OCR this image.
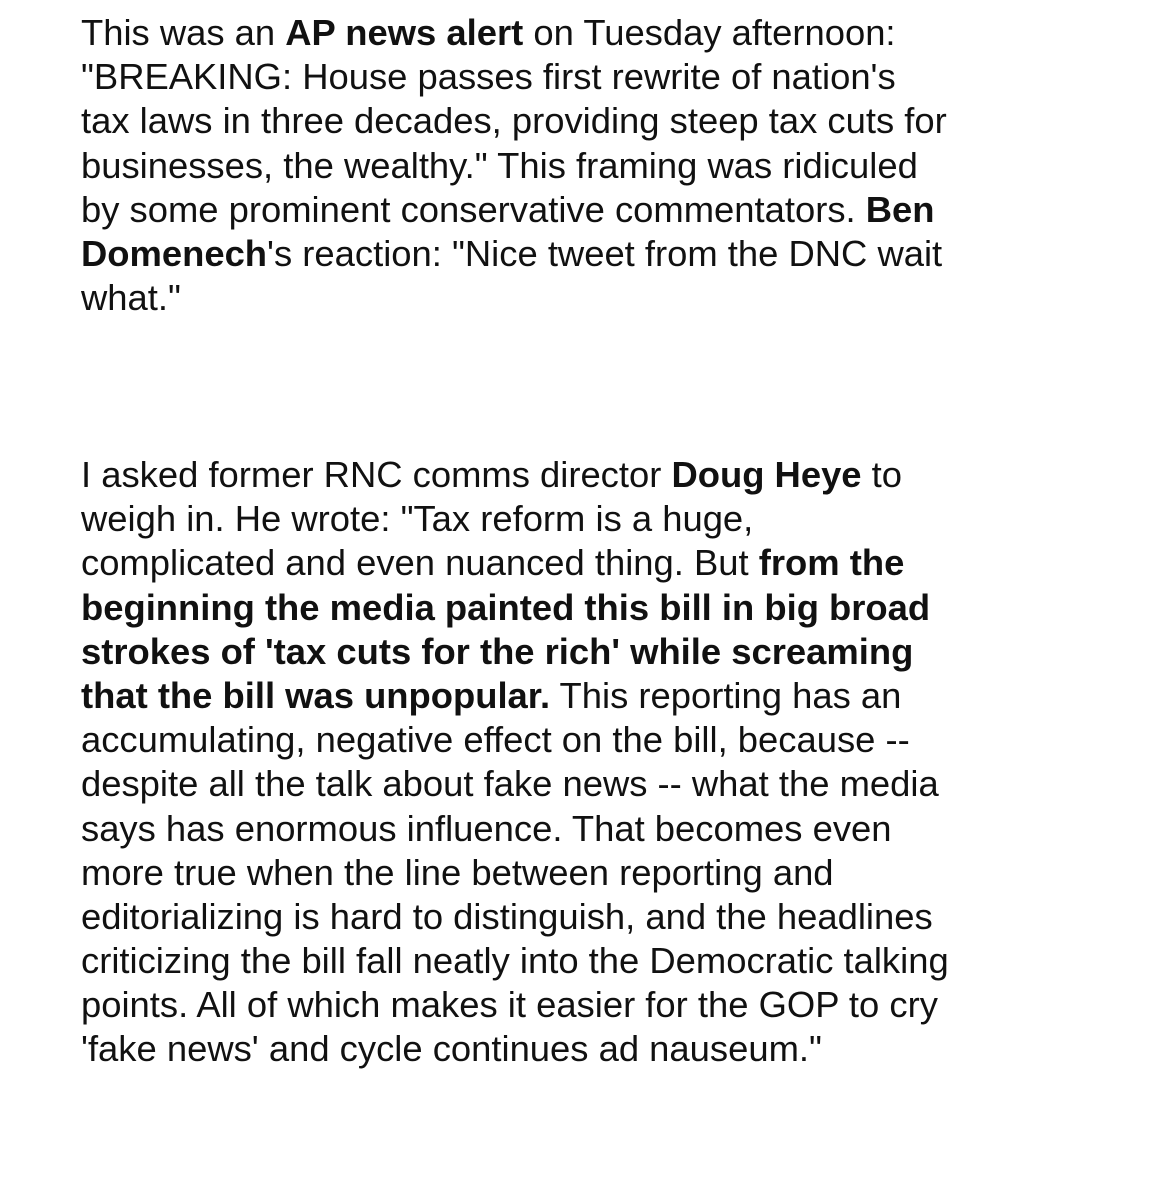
This was an AP news alert on Tuesday afternoon:
"BREAKING: House passes first rewrite of nation's
tax laws in three decades, providing steep tax cuts for
businesses, the wealthy." This framing was ridiculed
by some prominent conservative commentators. Ben
Domenech's reaction: "Nice tweet from the DNC wait
what."
I asked former RNC comms director Doug Heye to
weigh in. He wrote: "Tax reform is a huge,
complicated and even nuanced thing. But from the
beginning the media painted this bill in big broad
strokes of 'tax cuts for the rich' while screaming
that the bill was unpopular. This reporting has an
accumulating, negative effect on the bill, because --
despite all the talk about fake news -- what the media
says has enormous influence. That becomes even
more true when the line between reporting and
editorializing is hard to distinguish, and the headlines
criticizing the bill fall neatly into the Democratic talking
points. All of which makes it easier for the GOP to cry
'fake news' and cycle continues ad nauseum."
